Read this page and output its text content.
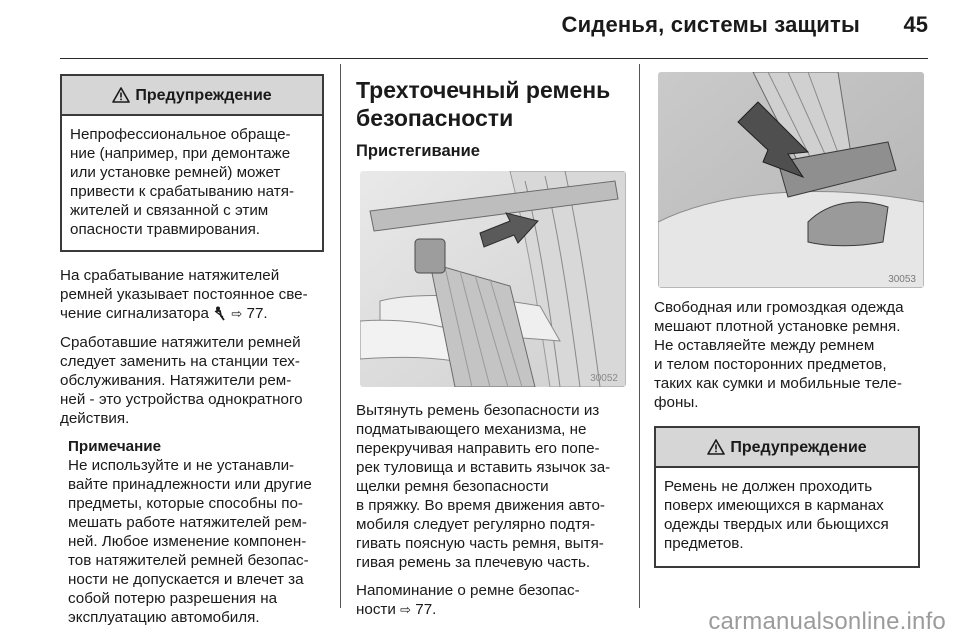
Сиденья, системы защиты	45
Предупреждение
Непрофессиональное обраще-
ние (например, при демонтаже
или установке ремней) может
привести к срабатыванию натя-
жителей и связанной с этим
опасности травмирования.

На срабатывание натяжителей
ремней указывает постоянное све-
чение сигнализатора ⇨ 77.

Сработавшие натяжители ремней
следует заменить на станции тех-
обслуживания. Натяжители рем-
ней - это устройства однократного
действия.

Примечание
Не используйте и не устанавли-
вайте принадлежности или другие
предметы, которые способны по-
мешать работе натяжителей рем-
ней. Любое изменение компонен-
тов натяжителей ремней безопас-
ности не допускается и влечет за
собой потерю разрешения на
эксплуатацию автомобиля.
Трехточечный ремень
безопасности
Пристегивание
30052

Вытянуть ремень безопасности из
подматывающего механизма, не
перекручивая направить его попе-
рек туловища и вставить язычок за-
щелки ремня безопасности
в пряжку. Во время движения авто-
мобиля следует регулярно подтя-
гивать поясную часть ремня, вытя-
гивая ремень за плечевую часть.

Напоминание о ремне безопас-
ности ⇨ 77.

30053

Свободная или громоздкая одежда
мешают плотной установке ремня.
Не оставляейте между ремнем
и телом посторонних предметов,
таких как сумки и мобильные теле-
фоны.

Предупреждение
Ремень не должен проходить
поверх имеющихся в карманах
одежды твердых или бьющихся
предметов.
carmanualsonline.info
